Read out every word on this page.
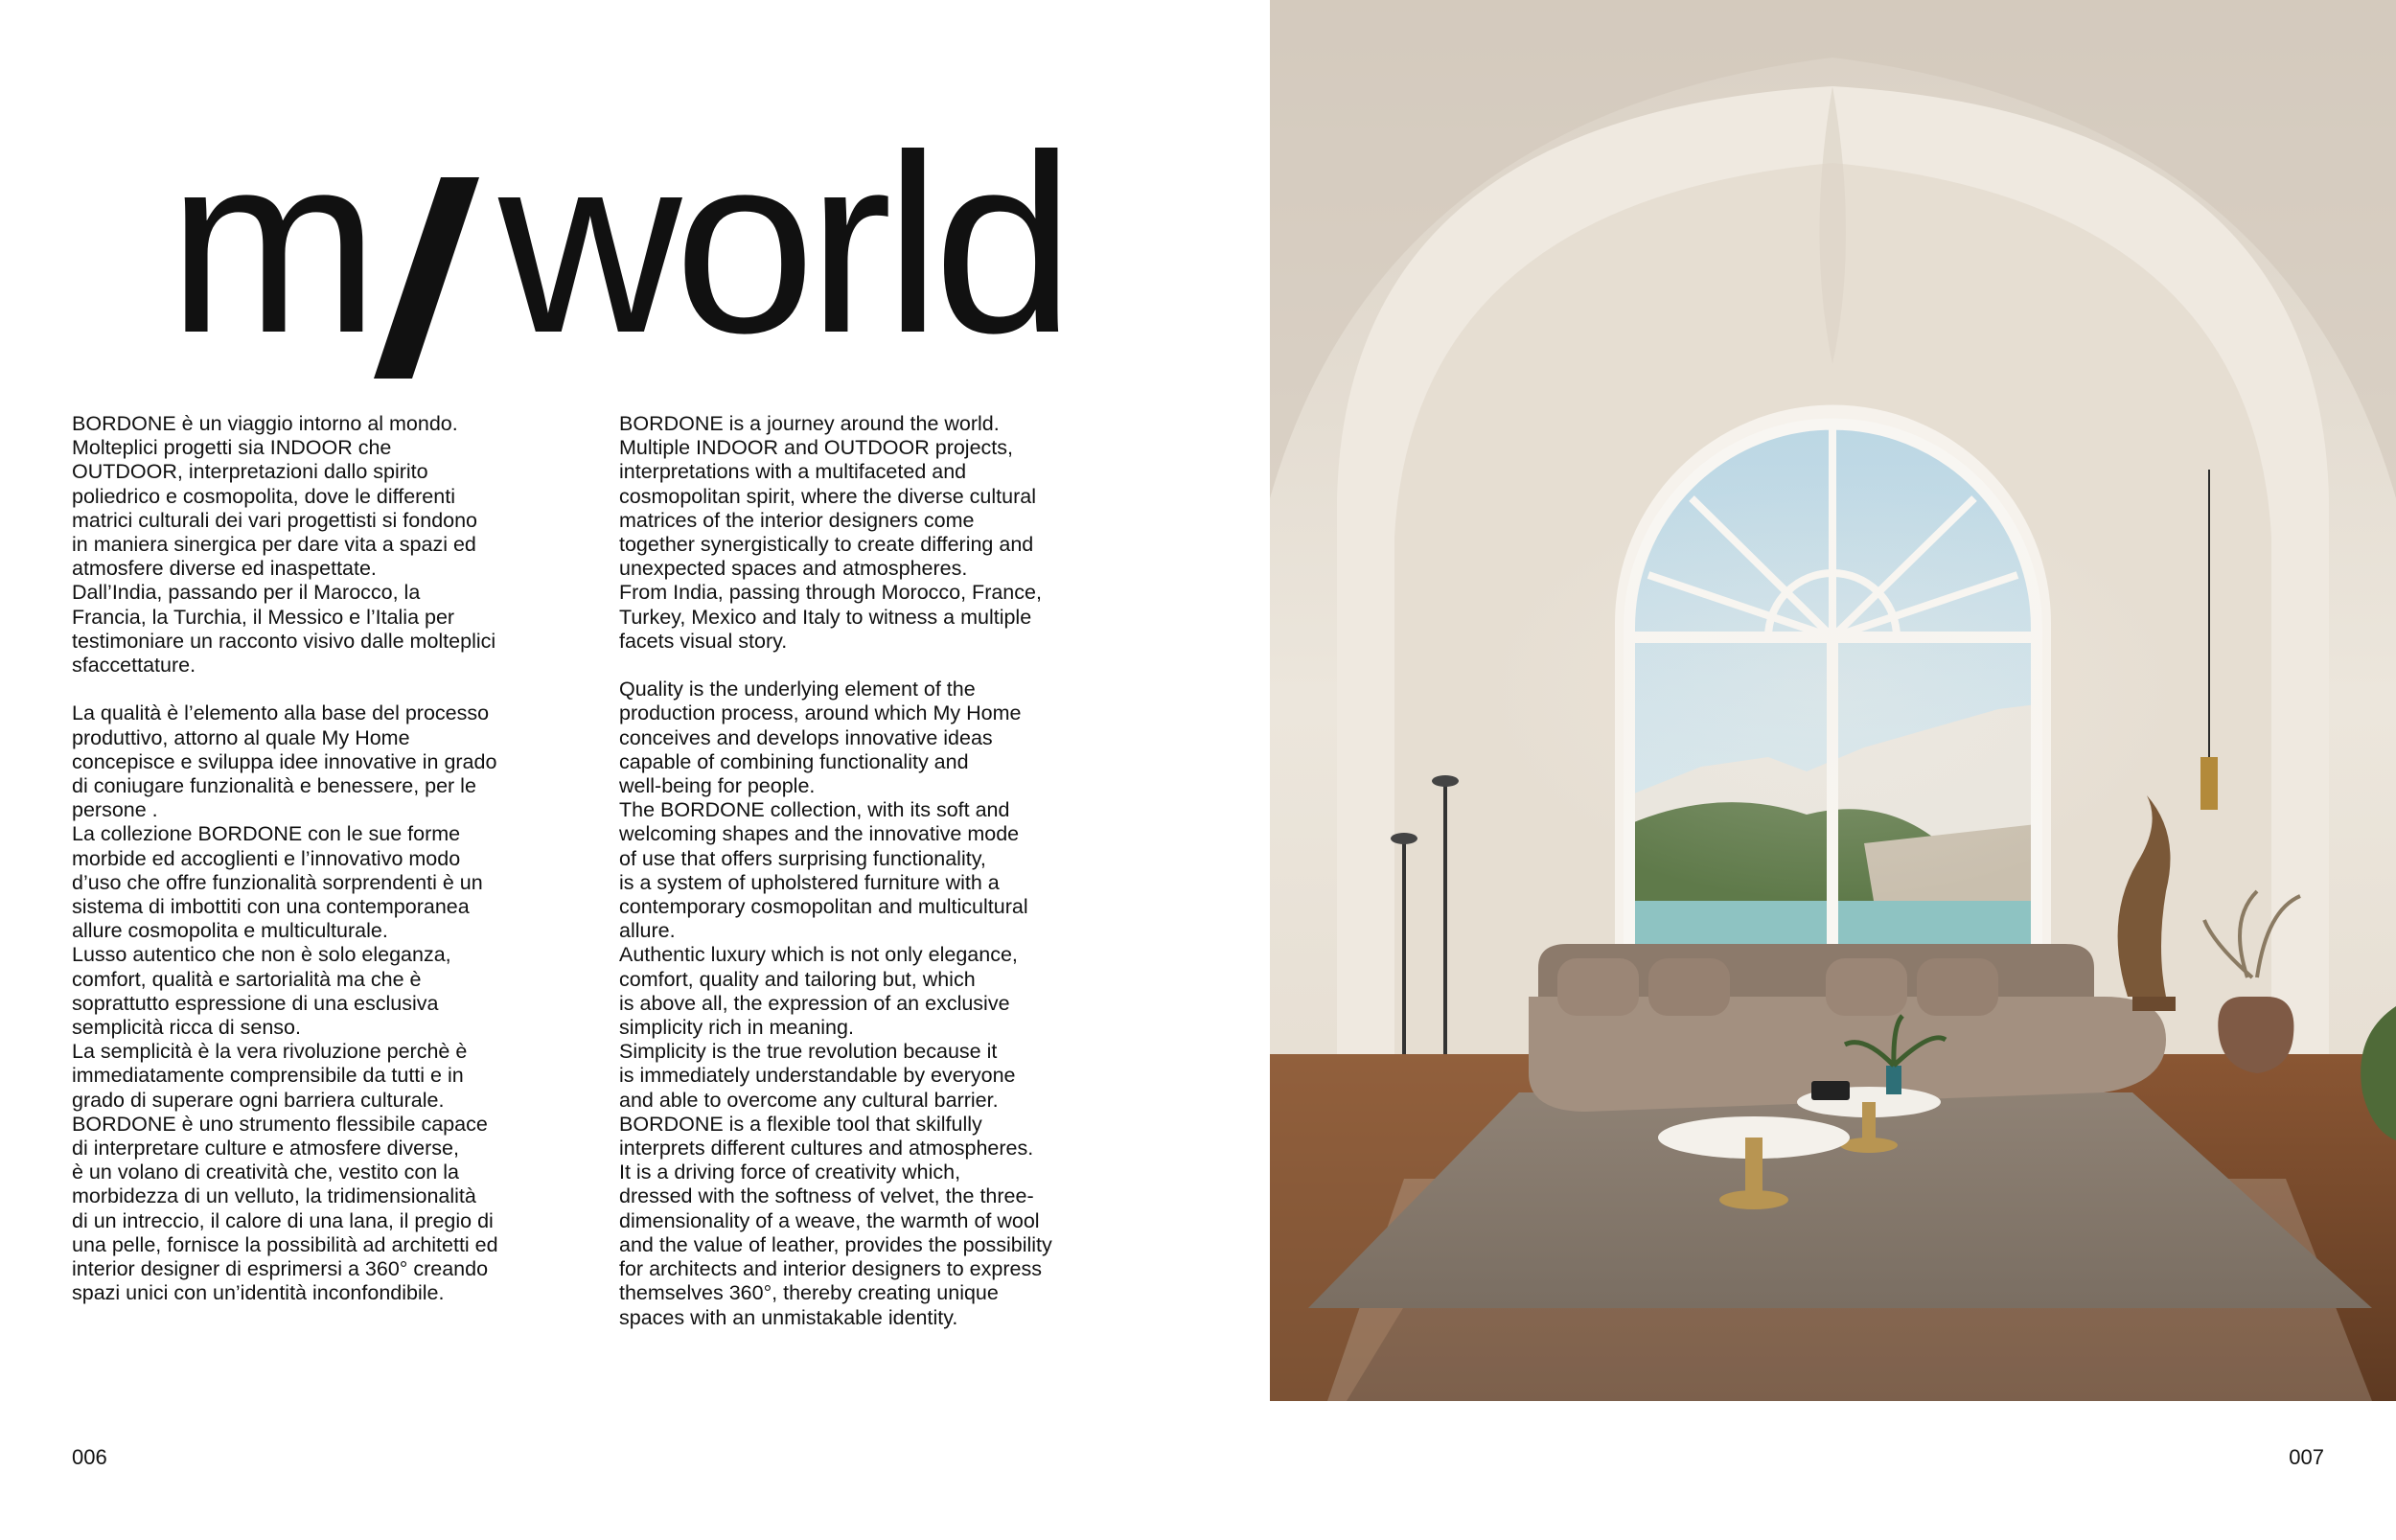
m world

BORDONE è un viaggio intorno al mondo.
Molteplici progetti sia INDOOR che
OUTDOOR, interpretazioni dallo spirito
poliedrico e cosmopolita, dove le differenti
matrici culturali dei vari progettisti si fondono
in maniera sinergica per dare vita a spazi ed
atmosfere diverse ed inaspettate.
Dall’India, passando per il Marocco, la
Francia, la Turchia, il Messico e l’Italia per
testimoniare un racconto visivo dalle molteplici
sfaccettature.

La qualità è l’elemento alla base del processo
produttivo, attorno al quale My Home
concepisce e sviluppa idee innovative in grado
di coniugare funzionalità e benessere, per le
persone .
La collezione BORDONE con le sue forme
morbide ed accoglienti e l’innovativo modo
d’uso che offre funzionalità sorprendenti è un
sistema di imbottiti con una contemporanea
allure cosmopolita e multiculturale.
Lusso autentico che non è solo eleganza,
comfort, qualità e sartorialità ma che è
soprattutto espressione di una esclusiva
semplicità ricca di senso.
La semplicità è la vera rivoluzione perchè è
immediatamente comprensibile da tutti e in
grado di superare ogni barriera culturale.
BORDONE è uno strumento flessibile capace
di interpretare culture e atmosfere diverse,
è un volano di creatività che, vestito con la
morbidezza di un velluto, la tridimensionalità
di un intreccio, il calore di una lana, il pregio di
una pelle, fornisce la possibilità ad architetti ed
interior designer di esprimersi a 360° creando
spazi unici con un’identità inconfondibile.

BORDONE is a journey around the world.
Multiple INDOOR and OUTDOOR projects,
interpretations with a multifaceted and
cosmopolitan spirit, where the diverse cultural
matrices of the interior designers come
together synergistically to create differing and
unexpected spaces and atmospheres.
From India, passing through Morocco, France,
Turkey, Mexico and Italy to witness a multiple
facets visual story.

Quality is the underlying element of the
production process, around which My Home
conceives and develops innovative ideas
capable of combining functionality and
well-being for people.
The BORDONE collection, with its soft and
welcoming shapes and the innovative mode
of use that offers surprising functionality,
is a system of upholstered furniture with a
contemporary cosmopolitan and multicultural
allure.
Authentic luxury which is not only elegance,
comfort, quality and tailoring but, which
is above all, the expression of an exclusive
simplicity rich in meaning.
Simplicity is the true revolution because it
is immediately understandable by everyone
and able to overcome any cultural barrier.
BORDONE is a flexible tool that skilfully
interprets different cultures and atmospheres.
It is a driving force of creativity which,
dressed with the softness of velvet, the three-
dimensionality of a weave, the warmth of wool
and the value of leather, provides the possibility
for architects and interior designers to express
themselves 360°, thereby creating unique
spaces with an unmistakable identity.

006	007
